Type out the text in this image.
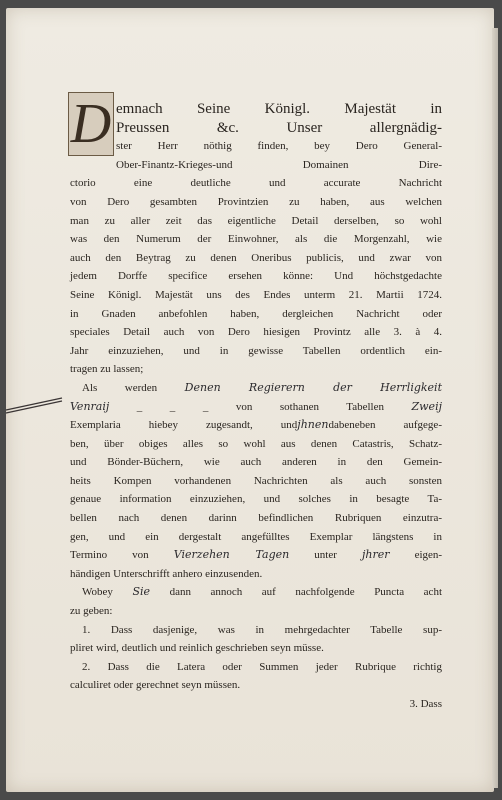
D emnach Seine Königl. Majestät in
Preussen &c. Unser allergnädig-
ster Herr nöthig finden, bey Dero General-
Ober-Finantz-Krieges-und Domainen Dire-
ctorio eine deutliche und accurate Nachricht
von Dero gesambten Provintzien zu haben, aus welchen
man zu aller zeit das eigentliche Detail derselben, so wohl
was den Numerum der Einwohner, als die Morgenzahl, wie
auch den Beytrag zu denen Oneribus publicis, und zwar von
jedem Dorffe specifice ersehen könne: Und höchstgedachte
Seine Königl. Majestät uns des Endes unterm 21. Martii 1724.
in Gnaden anbefohlen haben, dergleichen Nachricht oder
speciales Detail auch von Dero hiesigen Provintz alle 3. à 4.
Jahr einzuziehen, und in gewisse Tabellen ordentlich ein-
tragen zu lassen;
Als werden	Denen Regierern der Herrligkeit
Venraij	_ _ _	von sothanen Tabellen	Zweij
Exemplaria hiebey zugesandt, undjhnendabeneben aufgege-
ben, über obiges alles so wohl aus denen Catastris, Schatz-
und Bönder-Büchern, wie auch anderen in den Gemein-
heits Kompen vorhandenen Nachrichten als auch sonsten
genaue information einzuziehen, und solches in besagte Ta-
bellen nach denen darinn befindlichen Rubriquen einzutra-
gen, und ein dergestalt angefülltes Exemplar längstens in
Termino von Vierzehen Tagen unter jhrer eigen-
händigen Unterschrifft anhero einzusenden.
Wobey Sie dann annoch auf nachfolgende Puncta acht
zu geben:
1. Dass dasjenige, was in mehrgedachter Tabelle sup-
pliret wird, deutlich und reinlich geschrieben seyn müsse.
2. Dass die Latera oder Summen jeder Rubrique richtig
calculiret oder gerechnet seyn müssen.
3. Dass
